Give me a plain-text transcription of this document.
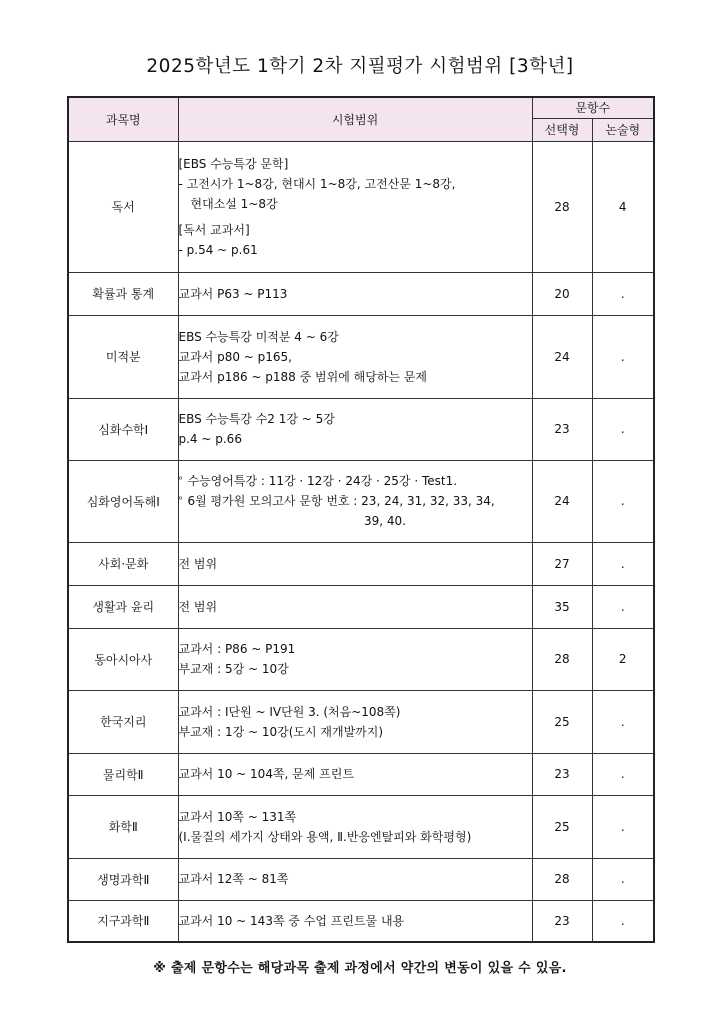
2025학년도 1학기 2차 지필평가 시험범위 [3학년]
과목명	시험범위	문항수	
		선택형	논술형
독서	[EBS 수능특강 문학]
- 고전시가 1~8강, 현대시 1~8강, 고전산문 1~8강,
현대소설 1~8강
[독서 교과서]
- p.54 ~ p.61	28	4
확률과 통계	교과서 P63 ~ P113	20	.
미적분	EBS 수능특강 미적분 4 ~ 6강
교과서 p80 ~ p165,
교과서 p186 ~ p188 중 범위에 해당하는 문제	24	.
심화수학Ⅰ	EBS 수능특강 수2 1강 ~ 5강
p.4 ~ p.66	23	.
심화영어독해Ⅰ	ᵒ 수능영어특강 : 11강 · 12강 · 24강 · 25강 · Test1.
ᵒ 6월 평가원 모의고사 문항 번호 : 23, 24, 31, 32, 33, 34,
39, 40.	24	.
사회·문화	전 범위	27	.
생활과 윤리	전 범위	35	.
동아시아사	교과서 : P86 ~ P191
부교재 : 5강 ~ 10강	28	2
한국지리	교과서 : I단원 ~ IV단원 3. (처음~108쪽)
부교재 : 1강 ~ 10강(도시 재개발까지)	25	.
물리학Ⅱ	교과서 10 ~ 104쪽, 문제 프린트	23	.
화학Ⅱ	교과서 10쪽 ~ 131쪽
(Ⅰ.물질의 세가지 상태와 용액, Ⅱ.반응엔탈피와 화학평형)	25	.
생명과학Ⅱ	교과서 12쪽 ~ 81쪽	28	.
지구과학Ⅱ	교과서 10 ~ 143쪽 중 수업 프린트물 내용	23	.
※ 출제 문항수는 해당과목 출제 과정에서 약간의 변동이 있을 수 있음.
